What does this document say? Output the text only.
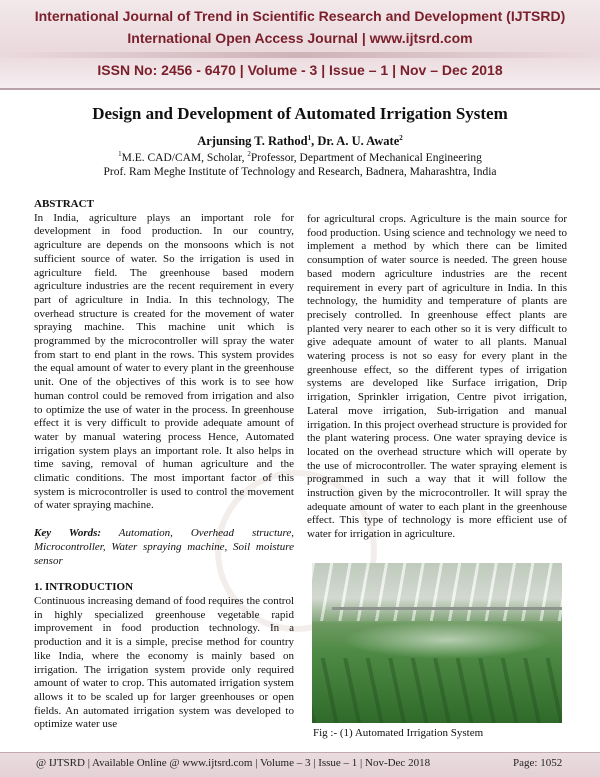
International Journal of Trend in Scientific Research and Development (IJTSRD)
International Open Access Journal | www.ijtsrd.com
ISSN No: 2456 - 6470 | Volume - 3 | Issue – 1 | Nov – Dec 2018
Design and Development of Automated Irrigation System
Arjunsing T. Rathod$^1$, Dr. A. U. Awate$^2$
$^1$M.E. CAD/CAM, Scholar, $^2$Professor, Department of Mechanical Engineering
Prof. Ram Meghe Institute of Technology and Research, Badnera, Maharashtra, India

ABSTRACT

In India, agriculture plays an important role for development in food production. In our country, agriculture are depends on the monsoons which is not sufficient source of water. So the irrigation is used in agriculture field. The greenhouse based modern agriculture industries are the recent requirement in every part of agriculture in India. In this technology, The overhead structure is created for the movement of water spraying machine. This machine unit which is programmed by the microcontroller will spray the water from start to end plant in the rows. This system provides the equal amount of water to every plant in the greenhouse unit. One of the objectives of this work is to see how human control could be removed from irrigation and also to optimize the use of water in the process. In greenhouse effect it is very difficult to provide adequate amount of water by manual watering process Hence, Automated irrigation system plays an important role. It also helps in time saving, removal of human agriculture and the climatic conditions. The most important factor of this system is microcontroller is used to control the movement of water spraying machine.

Key Words: Automation, Overhead structure, Microcontroller, Water spraying machine, Soil moisture sensor

1. INTRODUCTION

Continuous increasing demand of food requires the control in highly specialized greenhouse vegetable rapid improvement in food production technology. In a production and it is a simple, precise method for country like India, where the economy is mainly based on irrigation. The irrigation system provide only required amount of water to crop. This automated irrigation system allows it to be scaled up for larger greenhouses or open fields. An automated irrigation system was developed to optimize water use

for agricultural crops. Agriculture is the main source for food production. Using science and technology we need to implement a method by which there can be limited consumption of water source is needed. The green house based modern agriculture industries are the recent requirement in every part of agriculture in India. In this technology, the humidity and temperature of plants are precisely controlled. In greenhouse effect plants are planted very nearer to each other so it is very difficult to give adequate amount of water to all plants. Manual watering process is not so easy for every plant in the greenhouse effect, so the different types of irrigation systems are developed like Surface irrigation, Drip irrigation, Sprinkler irrigation, Centre pivot irrigation, Lateral move irrigation, Sub-irrigation and manual irrigation. In this project overhead structure is provided for the plant watering process. One water spraying device is located on the overhead structure which will operate by the use of microcontroller. The water spraying element is programmed in such a way that it will follow the instruction given by the microcontroller. It will spray the adequate amount of water to each plant in the greenhouse effect. This type of technology is more efficient use of water for irrigation in agriculture.

Fig :- (1) Automated Irrigation System
@ IJTSRD | Available Online @ www.ijtsrd.com | Volume – 3 | Issue – 1 | Nov-Dec 2018	Page: 1052
